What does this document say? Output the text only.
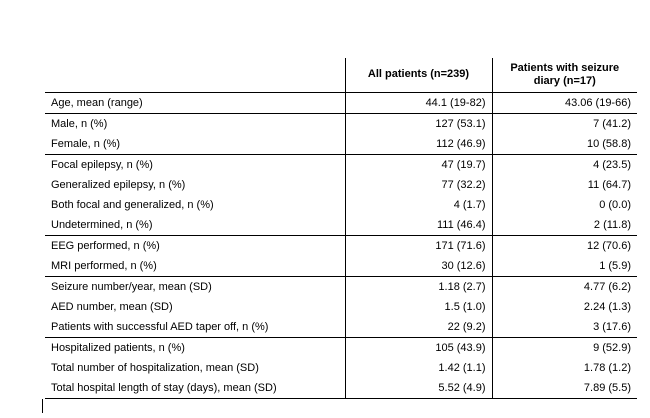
	All patients (n=239)	Patients with seizure diary (n=17)
Age, mean (range)	44.1 (19-82)	43.06 (19-66)
Male, n (%)	127 (53.1)	7 (41.2)
Female, n (%)	112 (46.9)	10 (58.8)
Focal epilepsy, n (%)	47 (19.7)	4 (23.5)
Generalized epilepsy, n (%)	77 (32.2)	11 (64.7)
Both focal and generalized, n (%)	4 (1.7)	0 (0.0)
Undetermined, n (%)	111 (46.4)	2 (11.8)
EEG performed, n (%)	171 (71.6)	12 (70.6)
MRI performed, n (%)	30 (12.6)	1 (5.9)
Seizure number/year, mean (SD)	1.18 (2.7)	4.77 (6.2)
AED number, mean (SD)	1.5 (1.0)	2.24 (1.3)
Patients with successful AED taper off, n (%)	22 (9.2)	3 (17.6)
Hospitalized patients, n (%)	105 (43.9)	9 (52.9)
Total number of hospitalization, mean (SD)	1.42 (1.1)	1.78 (1.2)
Total hospital length of stay (days), mean (SD)	5.52 (4.9)	7.89 (5.5)
